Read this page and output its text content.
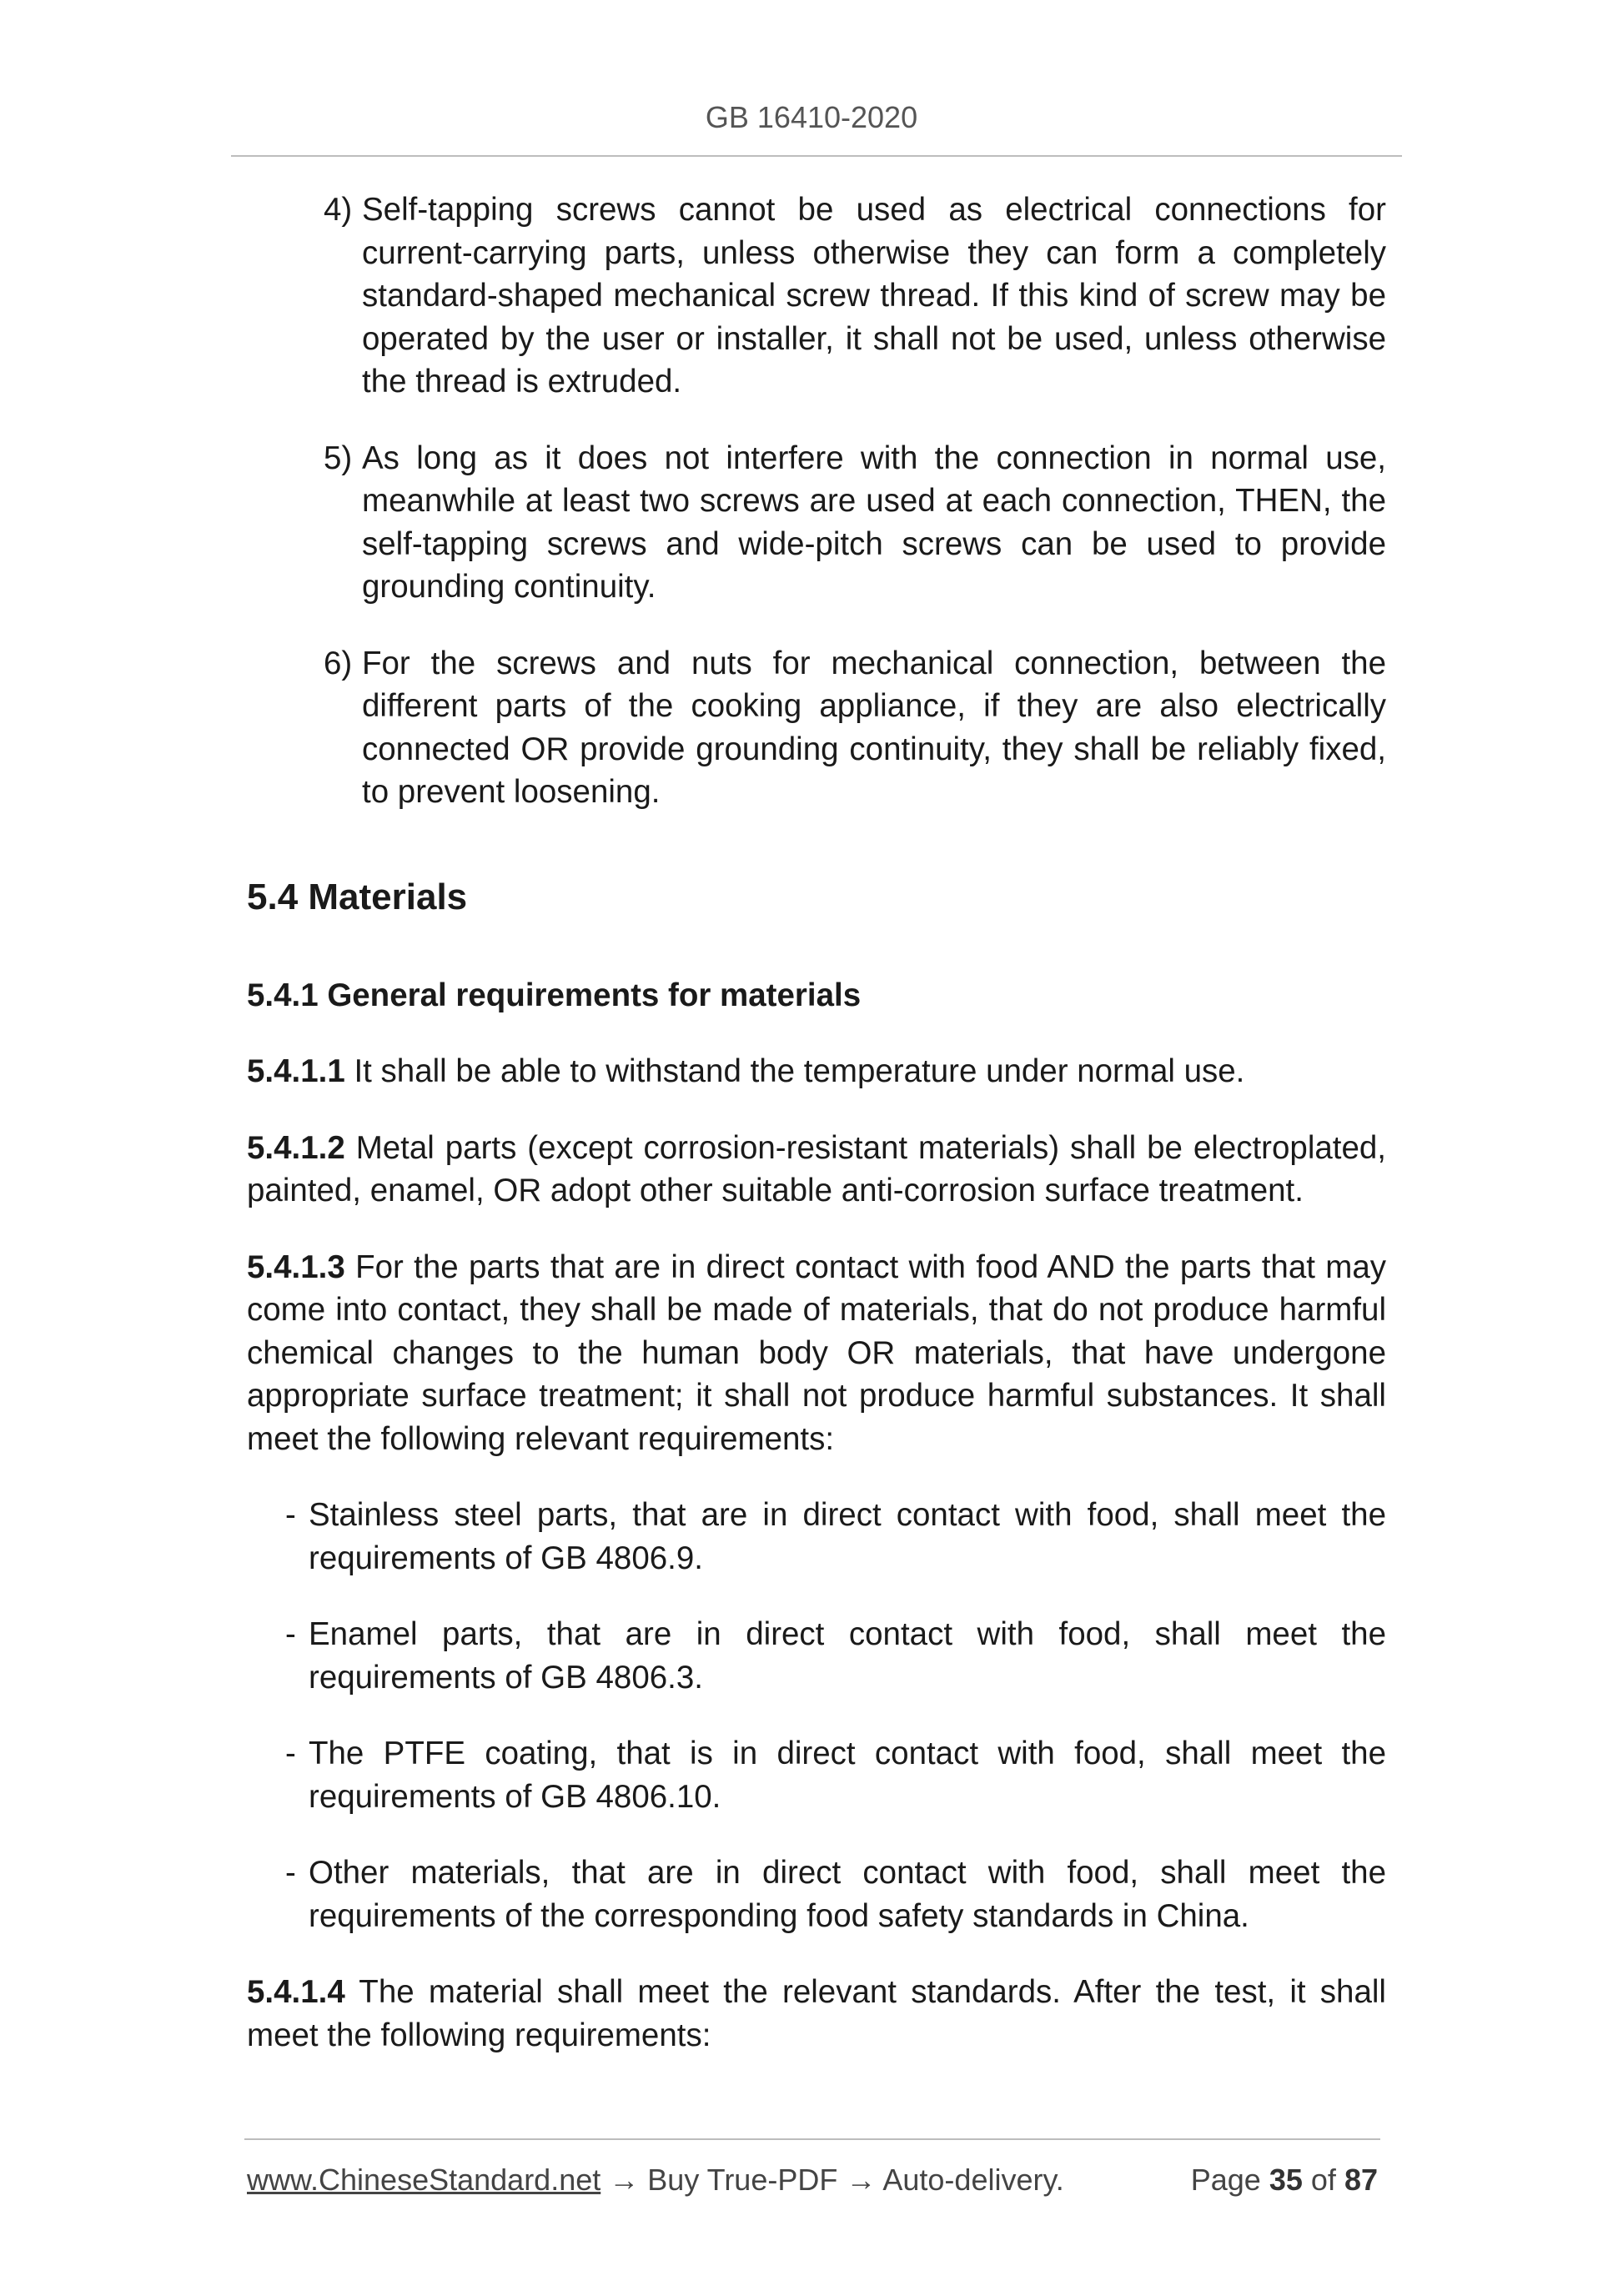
GB 16410-2020

4) Self-tapping screws cannot be used as electrical connections for current-carrying parts, unless otherwise they can form a completely standard-shaped mechanical screw thread. If this kind of screw may be operated by the user or installer, it shall not be used, unless otherwise the thread is extruded.

5) As long as it does not interfere with the connection in normal use, meanwhile at least two screws are used at each connection, THEN, the self-tapping screws and wide-pitch screws can be used to provide grounding continuity.

6) For the screws and nuts for mechanical connection, between the different parts of the cooking appliance, if they are also electrically connected OR provide grounding continuity, they shall be reliably fixed, to prevent loosening.

5.4 Materials
5.4.1 General requirements for materials

5.4.1.1 It shall be able to withstand the temperature under normal use.

5.4.1.2 Metal parts (except corrosion-resistant materials) shall be electroplated, painted, enamel, OR adopt other suitable anti-corrosion surface treatment.

5.4.1.3 For the parts that are in direct contact with food AND the parts that may come into contact, they shall be made of materials, that do not produce harmful chemical changes to the human body OR materials, that have undergone appropriate surface treatment; it shall not produce harmful substances. It shall meet the following relevant requirements:

- Stainless steel parts, that are in direct contact with food, shall meet the requirements of GB 4806.9.

- Enamel parts, that are in direct contact with food, shall meet the requirements of GB 4806.3.

- The PTFE coating, that is in direct contact with food, shall meet the requirements of GB 4806.10.

- Other materials, that are in direct contact with food, shall meet the requirements of the corresponding food safety standards in China.

5.4.1.4 The material shall meet the relevant standards. After the test, it shall meet the following requirements:

www.ChineseStandard.net → Buy True-PDF → Auto-delivery.	Page 35 of 87
